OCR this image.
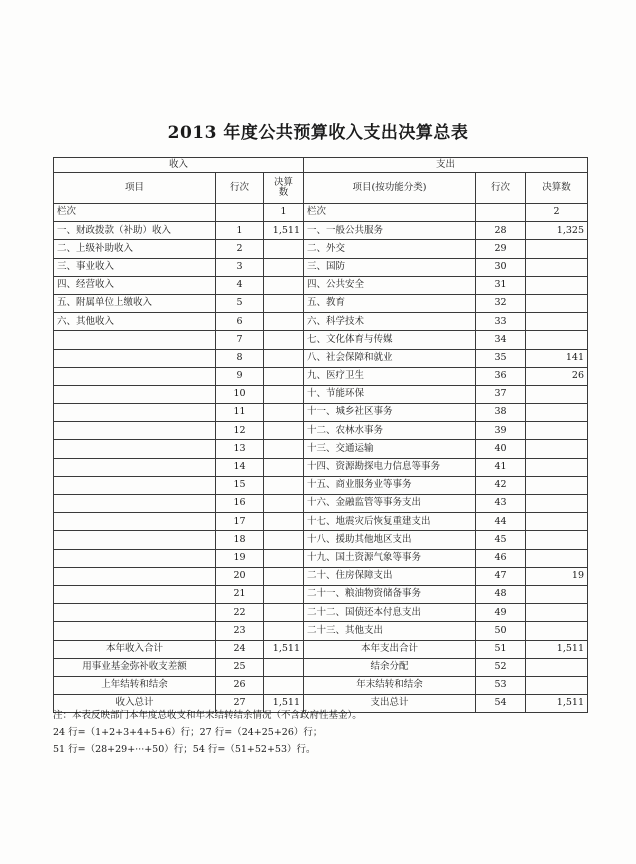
2013 年度公共预算收入支出决算总表
收入			支出		
项目	行次	决算数	项目(按功能分类)	行次	决算数
栏次		1	栏次		2
一、财政拨款（补助）收入	1	1,511	一、一般公共服务	28	1,325
二、上级补助收入	2		二、外交	29	
三、事业收入	3		三、国防	30	
四、经营收入	4		四、公共安全	31	
五、附属单位上缴收入	5		五、教育	32	
六、其他收入	6		六、科学技术	33	
	7		七、文化体育与传媒	34	
	8		八、社会保障和就业	35	141
	9		九、医疗卫生	36	26
	10		十、节能环保	37	
	11		十一、城乡社区事务	38	
	12		十二、农林水事务	39	
	13		十三、交通运输	40	
	14		十四、资源勘探电力信息等事务	41	
	15		十五、商业服务业等事务	42	
	16		十六、金融监管等事务支出	43	
	17		十七、地震灾后恢复重建支出	44	
	18		十八、援助其他地区支出	45	
	19		十九、国土资源气象等事务	46	
	20		二十、住房保障支出	47	19
	21		二十一、粮油物资储备事务	48	
	22		二十二、国债还本付息支出	49	
	23		二十三、其他支出	50	
本年收入合计	24	1,511	本年支出合计	51	1,511
用事业基金弥补收支差额	25		结余分配	52	
上年结转和结余	26		年末结转和结余	53	
收入总计	27	1,511	支出总计	54	1,511
注：本表反映部门本年度总收支和年末结转结余情况（不含政府性基金）。
24 行=（1+2+3+4+5+6）行；27 行=（24+25+26）行；
51 行=（28+29+···+50）行；54 行=（51+52+53）行。
